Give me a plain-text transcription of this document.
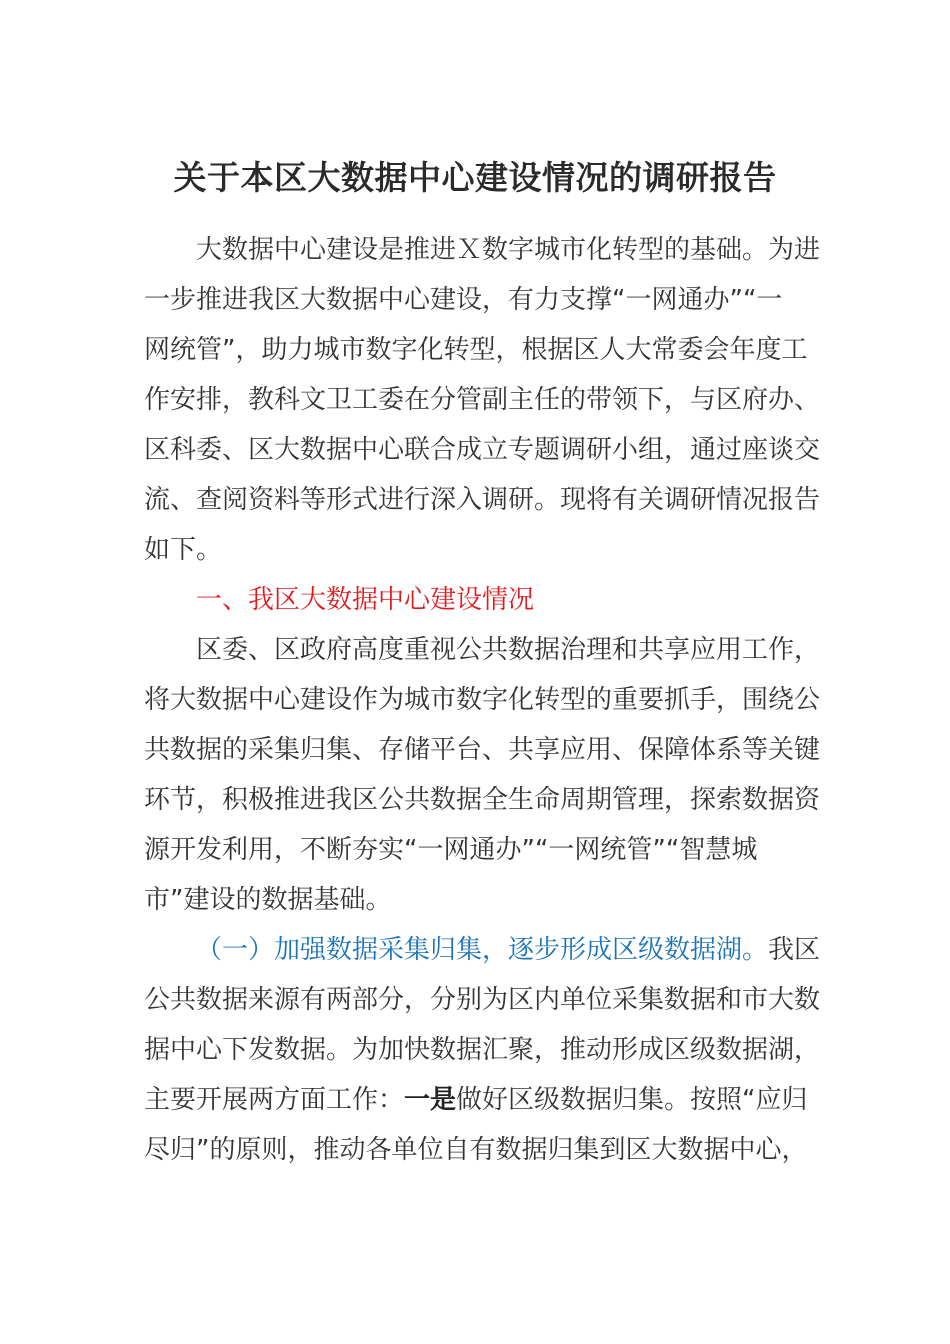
关于本区大数据中心建设情况的调研报告
大数据中心建设是推进Ｘ数字城市化转型的基础。为进
一步推进我区大数据中心建设，有力支撑“一网通办”“一
网统管”，助力城市数字化转型，根据区人大常委会年度工
作安排，教科文卫工委在分管副主任的带领下，与区府办、
区科委、区大数据中心联合成立专题调研小组，通过座谈交
流、查阅资料等形式进行深入调研。现将有关调研情况报告
如下。
一、我区大数据中心建设情况
区委、区政府高度重视公共数据治理和共享应用工作，
将大数据中心建设作为城市数字化转型的重要抓手，围绕公
共数据的采集归集、存储平台、共享应用、保障体系等关键
环节，积极推进我区公共数据全生命周期管理，探索数据资
源开发利用，不断夯实“一网通办”“一网统管”“智慧城
市”建设的数据基础。
（一）加强数据采集归集，逐步形成区级数据湖。我区
公共数据来源有两部分，分别为区内单位采集数据和市大数
据中心下发数据。为加快数据汇聚，推动形成区级数据湖，
主要开展两方面工作：一是做好区级数据归集。按照“应归
尽归”的原则，推动各单位自有数据归集到区大数据中心，
